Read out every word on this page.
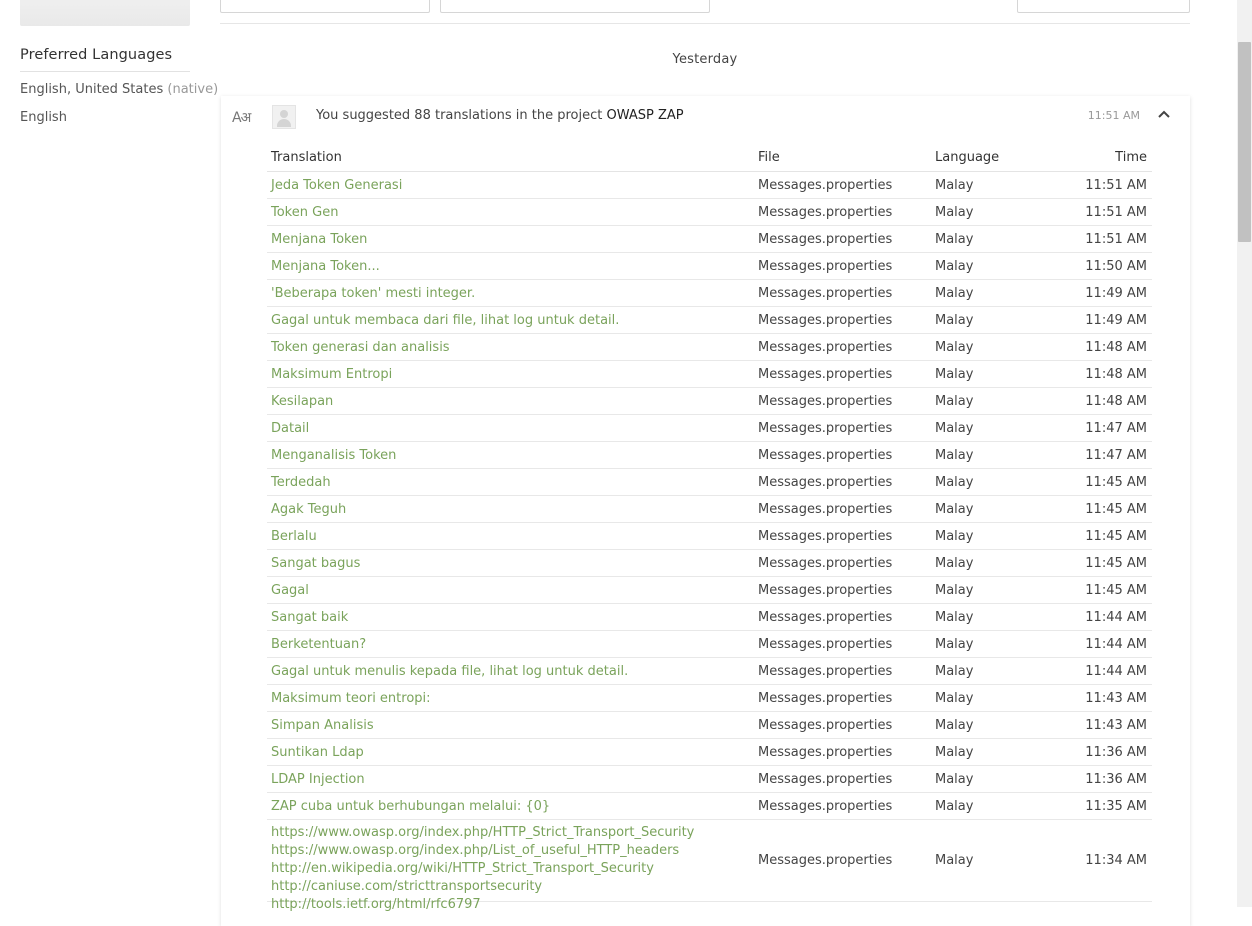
Preferred Languages
English, United States (native)
English
Yesterday
Aअ	You suggested 88 translations in the project OWASP ZAP	11:51 AM
Translation	File	Language	Time
Jeda Token Generasi	Messages.properties	Malay	11:51 AM
Token Gen	Messages.properties	Malay	11:51 AM
Menjana Token	Messages.properties	Malay	11:51 AM
Menjana Token...	Messages.properties	Malay	11:50 AM
'Beberapa token' mesti integer.	Messages.properties	Malay	11:49 AM
Gagal untuk membaca dari file, lihat log untuk detail.	Messages.properties	Malay	11:49 AM
Token generasi dan analisis	Messages.properties	Malay	11:48 AM
Maksimum Entropi	Messages.properties	Malay	11:48 AM
Kesilapan	Messages.properties	Malay	11:48 AM
Datail	Messages.properties	Malay	11:47 AM
Menganalisis Token	Messages.properties	Malay	11:47 AM
Terdedah	Messages.properties	Malay	11:45 AM
Agak Teguh	Messages.properties	Malay	11:45 AM
Berlalu	Messages.properties	Malay	11:45 AM
Sangat bagus	Messages.properties	Malay	11:45 AM
Gagal	Messages.properties	Malay	11:45 AM
Sangat baik	Messages.properties	Malay	11:44 AM
Berketentuan?	Messages.properties	Malay	11:44 AM
Gagal untuk menulis kepada file, lihat log untuk detail.	Messages.properties	Malay	11:44 AM
Maksimum teori entropi:	Messages.properties	Malay	11:43 AM
Simpan Analisis	Messages.properties	Malay	11:43 AM
Suntikan Ldap	Messages.properties	Malay	11:36 AM
LDAP Injection	Messages.properties	Malay	11:36 AM
ZAP cuba untuk berhubungan melalui: {0}	Messages.properties	Malay	11:35 AM
https://www.owasp.org/index.php/HTTP_Strict_Transport_Security
https://www.owasp.org/index.php/List_of_useful_HTTP_headers
http://en.wikipedia.org/wiki/HTTP_Strict_Transport_Security
http://caniuse.com/stricttransportsecurity http://tools.ietf.org/html/rfc6797
Messages.properties	Malay	11:34 AM
